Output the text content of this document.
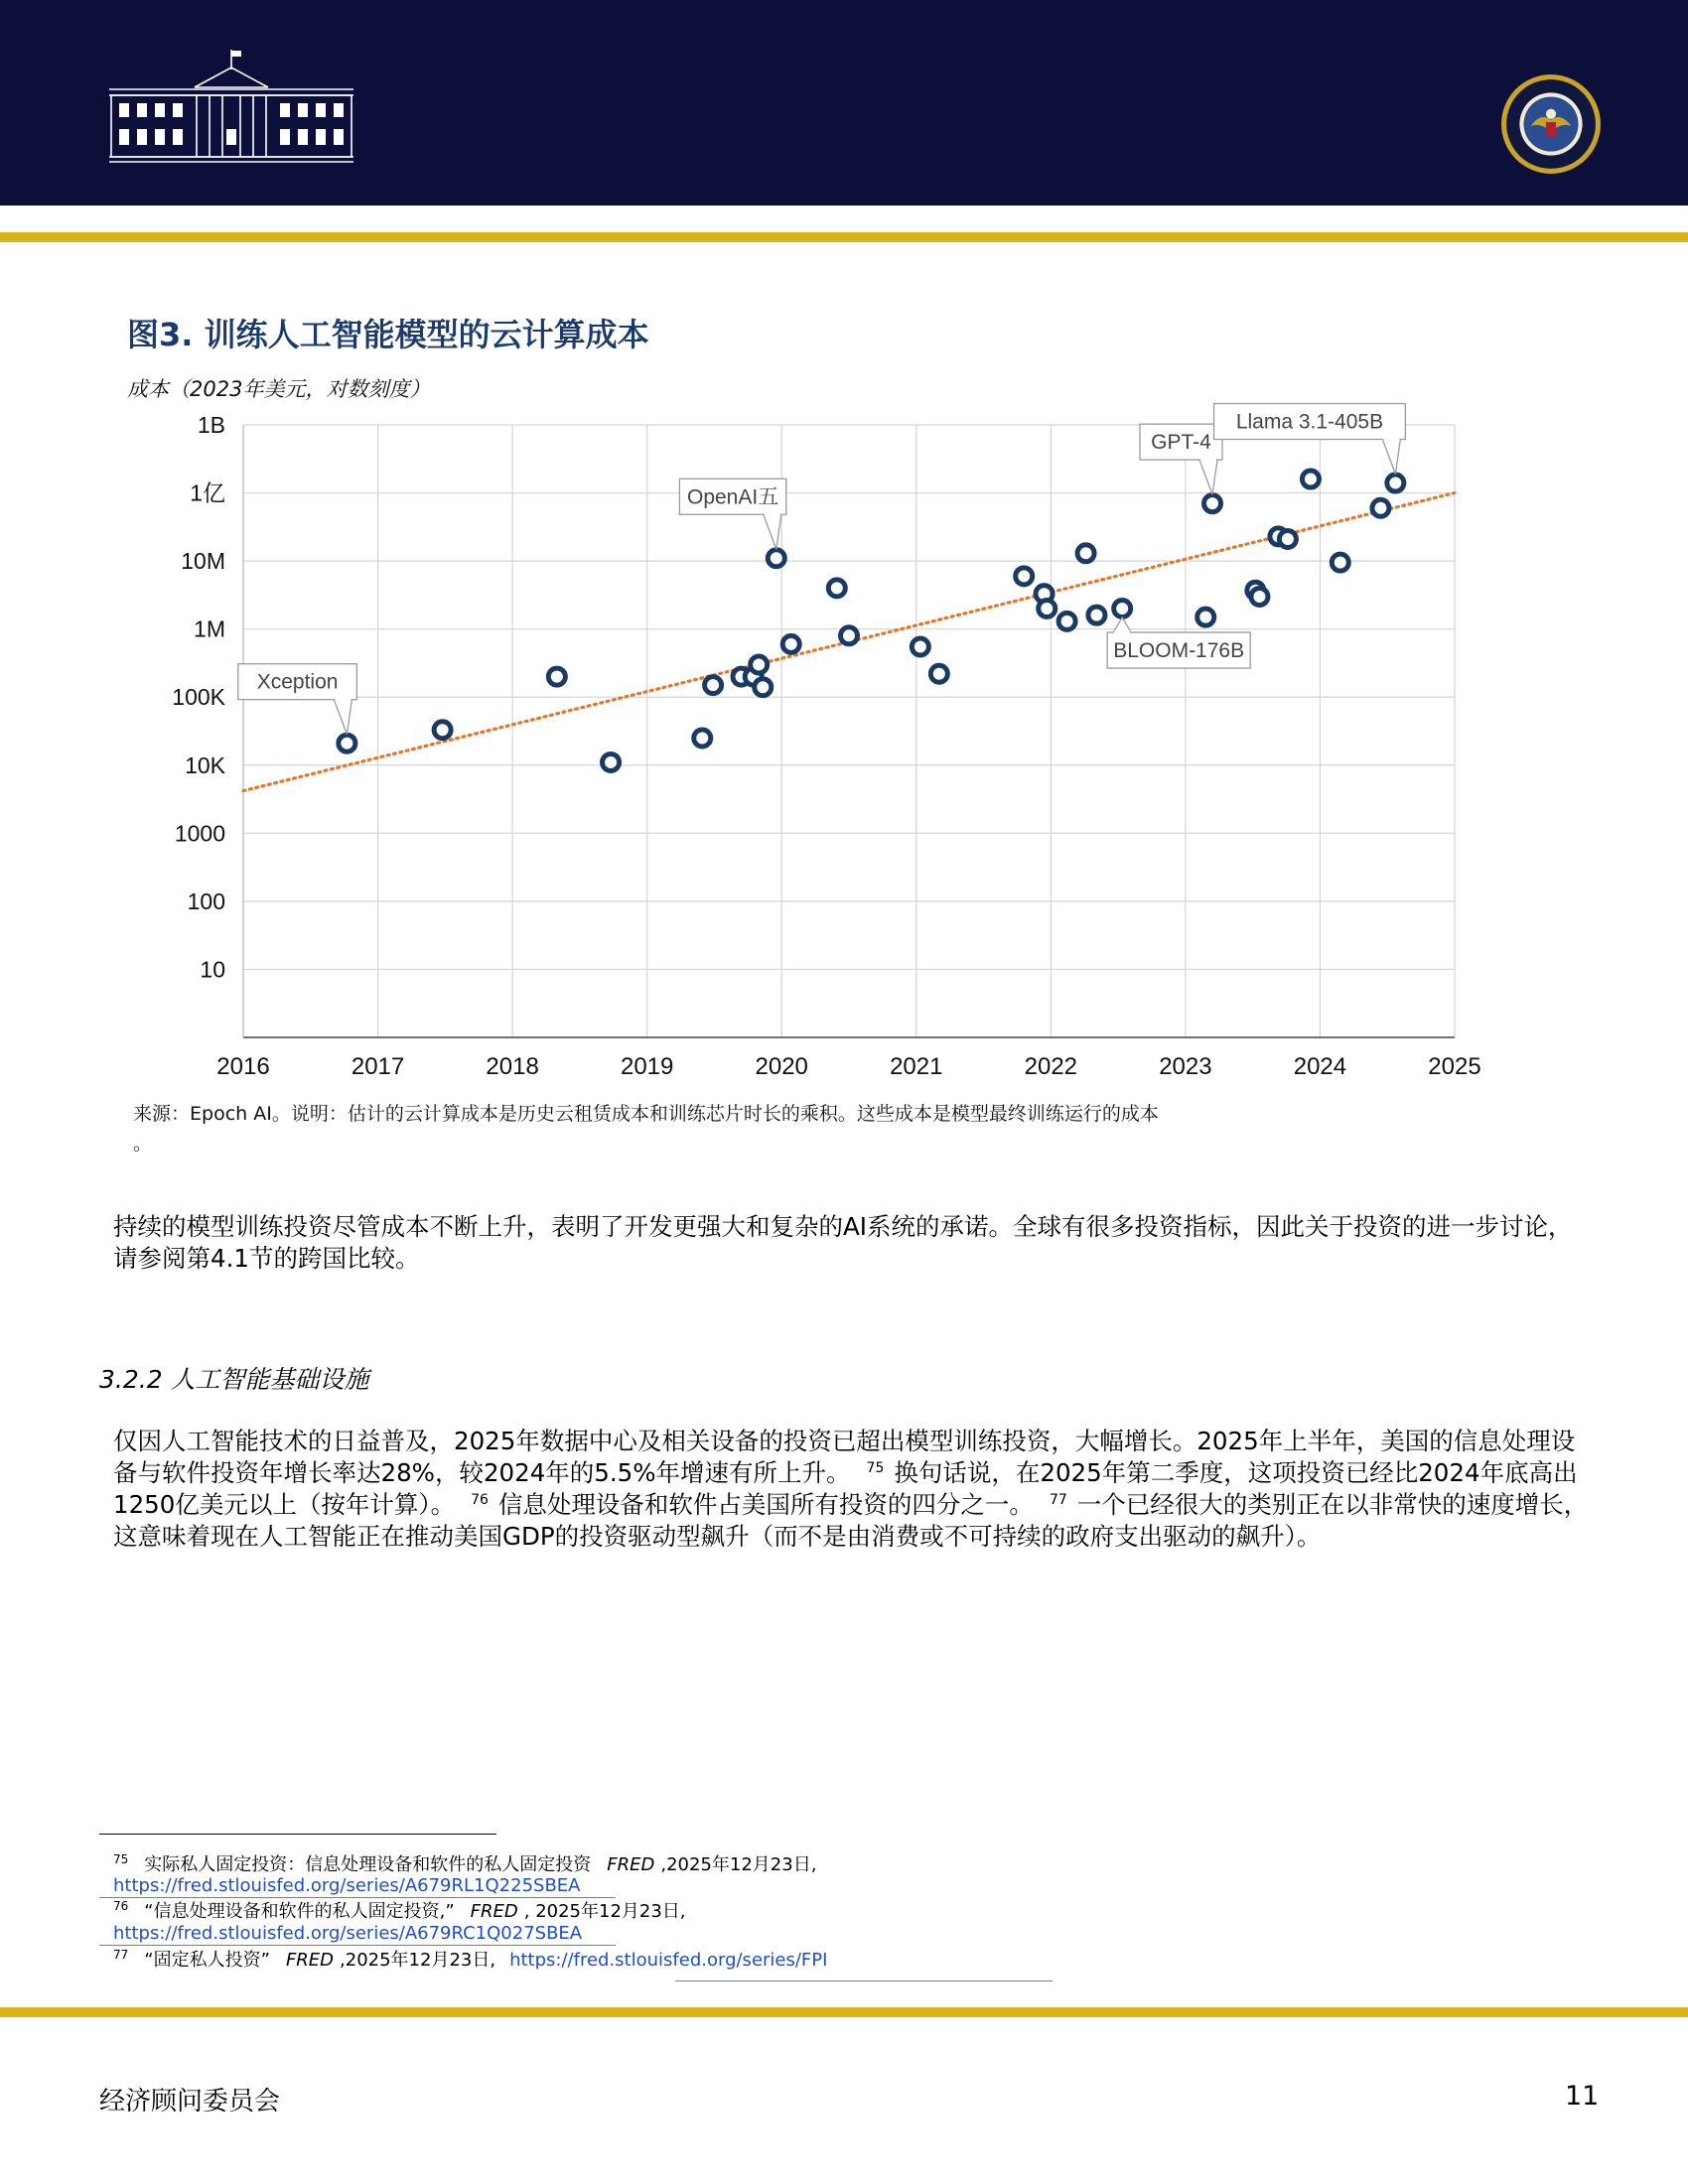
图3. 训练人工智能模型的云计算成本
成本（2023年美元，对数刻度）
2016	2017	2018	2019	2020	2021	2022	2023	2024	2025
10
100
1000
10K
100K
1M
10M
1亿
1B
Xception
OpenAI五
GPT-4
Llama 3.1-405B
BLOOM-176B
来源：Epoch AI。说明：估计的云计算成本是历史云租赁成本和训练芯片时长的乘积。这些成本是模型最终训练运行的成本
。

持续的模型训练投资尽管成本不断上升，表明了开发更强大和复杂的AI系统的承诺。全球有很多投资指标，因此关于投资的进一步讨论，请参阅第4.1节的跨国比较。

3.2.2 人工智能基础设施

仅因人工智能技术的日益普及，2025年数据中心及相关设备的投资已超出模型训练投资，大幅增长。2025年上半年，美国的信息处理设备与软件投资年增长率达28%，较2024年的5.5%年增速有所上升。 $^{75}$ 换句话说，在2025年第二季度，这项投资已经比2024年底高出1250亿美元以上（按年计算）。 $^{76}$ 信息处理设备和软件占美国所有投资的四分之一。 $^{77}$ 一个已经很大的类别正在以非常快的速度增长，这意味着现在人工智能正在推动美国GDP的投资驱动型飙升（而不是由消费或不可持续的政府支出驱动的飙升）。

$^{75}$ 实际私人固定投资：信息处理设备和软件的私人固定投资 FRED ,2025年12月23日,
https://fred.stlouisfed.org/series/A679RL1Q225SBEA
$^{76}$ “信息处理设备和软件的私人固定投资,” FRED , 2025年12月23日,
https://fred.stlouisfed.org/series/A679RC1Q027SBEA
$^{77}$ “固定私人投资” FRED ,2025年12月23日, https://fred.stlouisfed.org/series/FPI
经济顾问委员会	11
